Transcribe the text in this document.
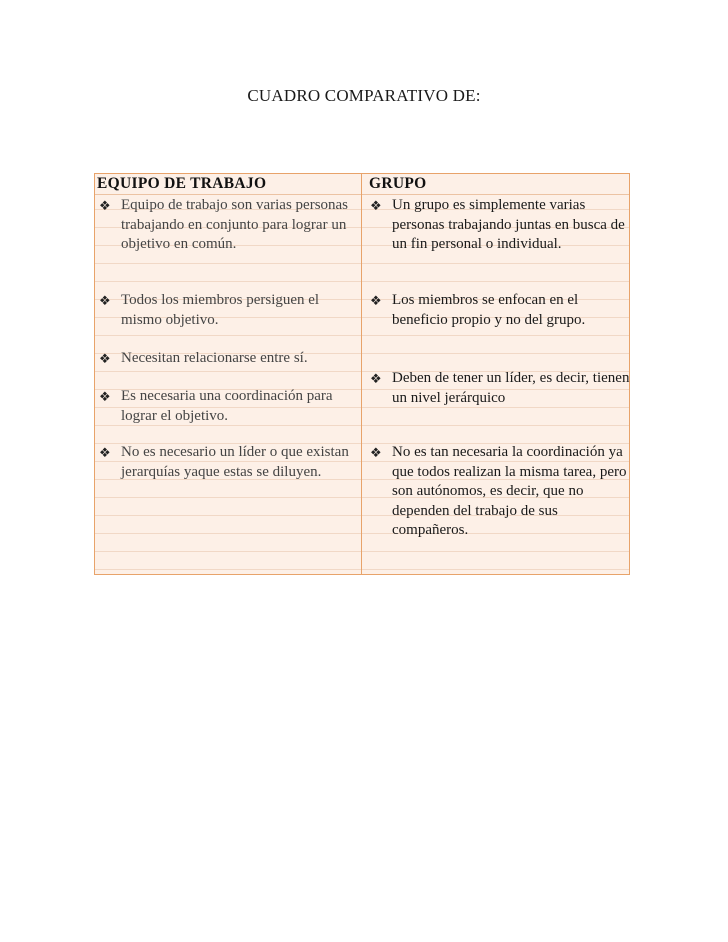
CUADRO COMPARATIVO DE:
EQUIPO DE TRABAJO
❖ Equipo de trabajo son varias personas trabajando en conjunto para lograr un objetivo en común.
❖ Todos los miembros persiguen el mismo objetivo.
❖ Necesitan relacionarse entre sí.
❖ Es necesaria una coordinación para lograr el objetivo.
❖ No es necesario un líder o que existan jerarquías yaque estas se diluyen.
GRUPO
❖ Un grupo es simplemente varias personas trabajando juntas en busca de un fin personal o individual.
❖ Los miembros se enfocan en el beneficio propio y no del grupo.
❖ Deben de tener un líder, es decir, tienen un nivel jerárquico
❖ No es tan necesaria la coordinación ya que todos realizan la misma tarea, pero son autónomos, es decir, que no dependen del trabajo de sus compañeros.
